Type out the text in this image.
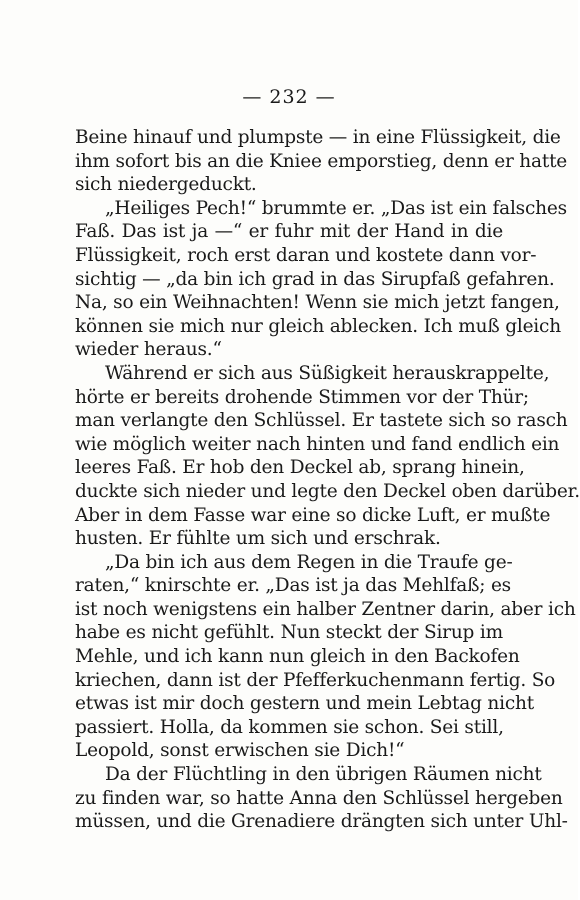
— 232 —
Beine hinauf und plumpste — in eine Flüssigkeit, die
ihm sofort bis an die Kniee emporstieg, denn er hatte
sich niedergeduckt.
„Heiliges Pech!“ brummte er. „Das ist ein falsches
Faß. Das ist ja —“ er fuhr mit der Hand in die
Flüssigkeit, roch erst daran und kostete dann vor-
sichtig — „da bin ich grad in das Sirupfaß gefahren.
Na, so ein Weihnachten! Wenn sie mich jetzt fangen,
können sie mich nur gleich ablecken. Ich muß gleich
wieder heraus.“
Während er sich aus Süßigkeit herauskrappelte,
hörte er bereits drohende Stimmen vor der Thür;
man verlangte den Schlüssel. Er tastete sich so rasch
wie möglich weiter nach hinten und fand endlich ein
leeres Faß. Er hob den Deckel ab, sprang hinein,
duckte sich nieder und legte den Deckel oben darüber.
Aber in dem Fasse war eine so dicke Luft, er mußte
husten. Er fühlte um sich und erschrak.
„Da bin ich aus dem Regen in die Traufe ge-
raten,“ knirschte er. „Das ist ja das Mehlfaß; es
ist noch wenigstens ein halber Zentner darin, aber ich
habe es nicht gefühlt. Nun steckt der Sirup im
Mehle, und ich kann nun gleich in den Backofen
kriechen, dann ist der Pfefferkuchenmann fertig. So
etwas ist mir doch gestern und mein Lebtag nicht
passiert. Holla, da kommen sie schon. Sei still,
Leopold, sonst erwischen sie Dich!“
Da der Flüchtling in den übrigen Räumen nicht
zu finden war, so hatte Anna den Schlüssel hergeben
müssen, und die Grenadiere drängten sich unter Uhl-
